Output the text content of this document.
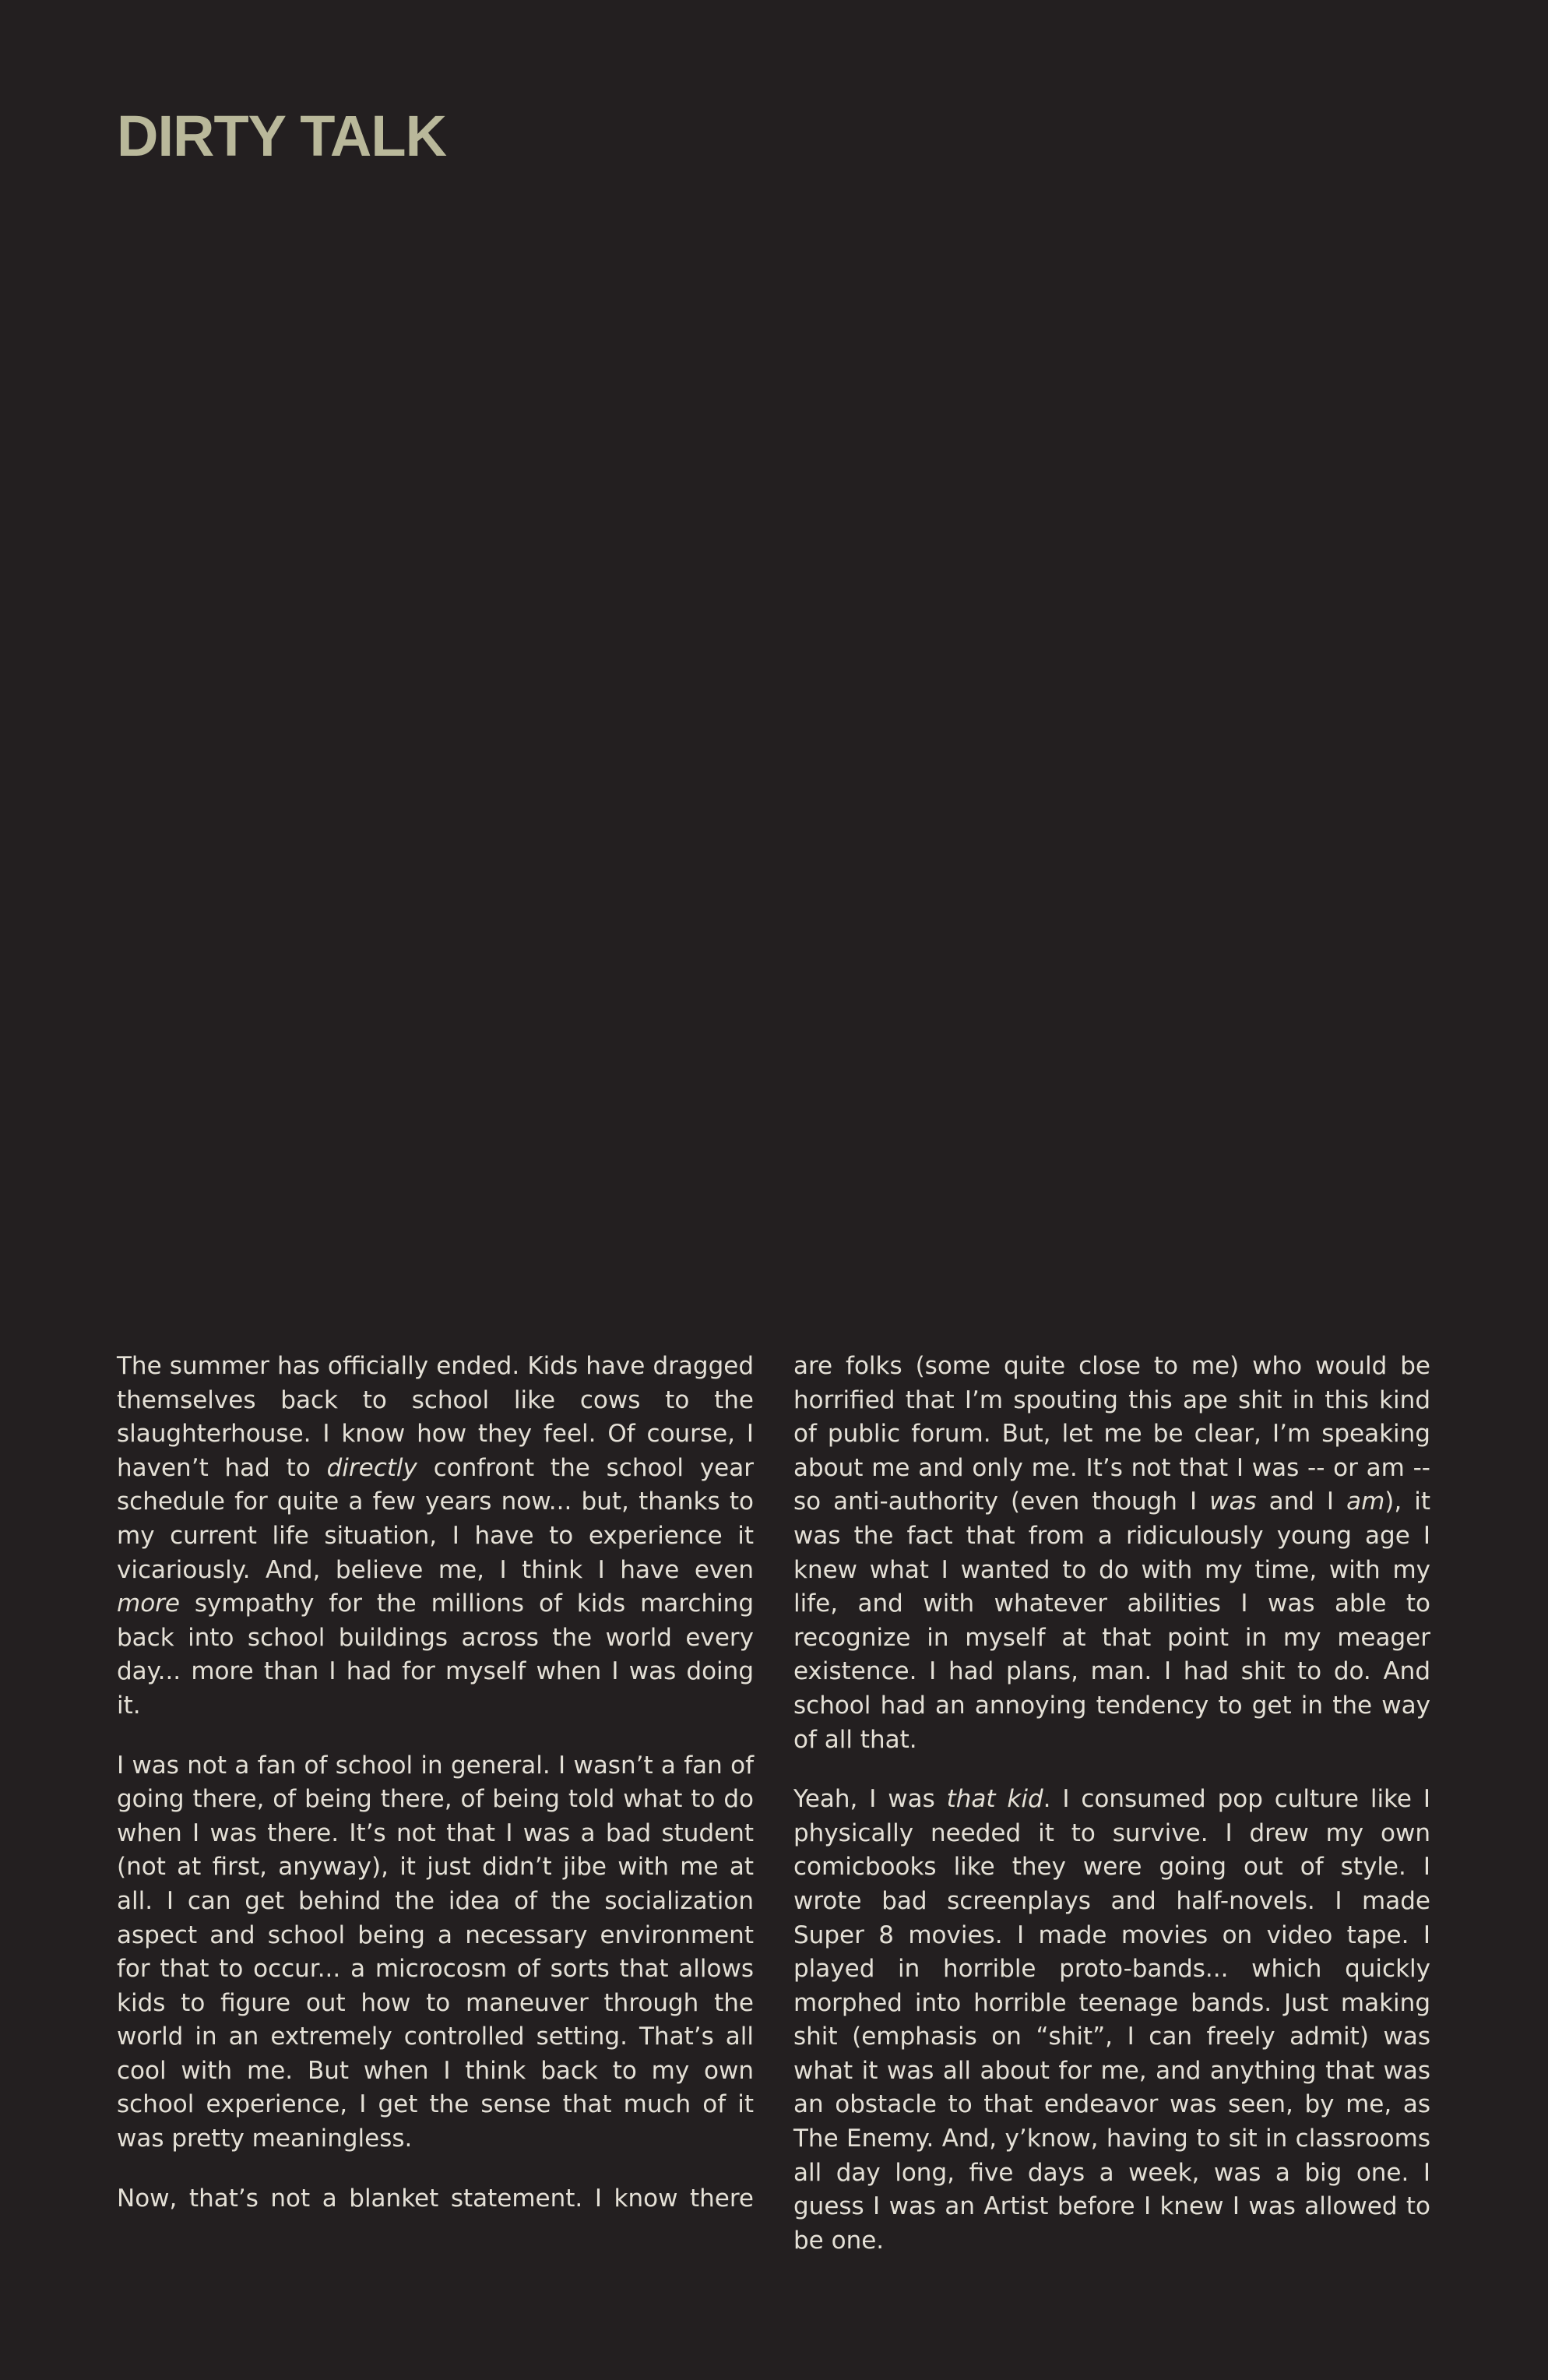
DIRTY TALK

The summer has officially ended. Kids have dragged themselves back to school like cows to the slaughterhouse. I know how they feel. Of course, I haven’t had to directly confront the school year schedule for quite a few years now... but, thanks to my current life situation, I have to experience it vicariously. And, believe me, I think I have even more sympathy for the millions of kids marching back into school buildings across the world every day... more than I had for myself when I was doing it.

I was not a fan of school in general. I wasn’t a fan of going there, of being there, of being told what to do when I was there. It’s not that I was a bad student (not at first, anyway), it just didn’t jibe with me at all. I can get behind the idea of the socialization aspect and school being a necessary environment for that to occur... a microcosm of sorts that allows kids to figure out how to maneuver through the world in an extremely controlled setting. That’s all cool with me. But when I think back to my own school experience, I get the sense that much of it was pretty meaningless.

Now, that’s not a blanket statement. I know there

are folks (some quite close to me) who would be horrified that I’m spouting this ape shit in this kind of public forum. But, let me be clear, I’m speaking about me and only me. It’s not that I was -- or am -- so anti-authority (even though I was and I am), it was the fact that from a ridiculously young age I knew what I wanted to do with my time, with my life, and with whatever abilities I was able to recognize in myself at that point in my meager existence. I had plans, man. I had shit to do. And school had an annoying tendency to get in the way of all that.

Yeah, I was that kid. I consumed pop culture like I physically needed it to survive. I drew my own comicbooks like they were going out of style. I wrote bad screenplays and half-novels. I made Super 8 movies. I made movies on video tape. I played in horrible proto-bands... which quickly morphed into horrible teenage bands. Just making shit (emphasis on “shit”, I can freely admit) was what it was all about for me, and anything that was an obstacle to that endeavor was seen, by me, as The Enemy. And, y’know, having to sit in classrooms all day long, five days a week, was a big one. I guess I was an Artist before I knew I was allowed to be one.
